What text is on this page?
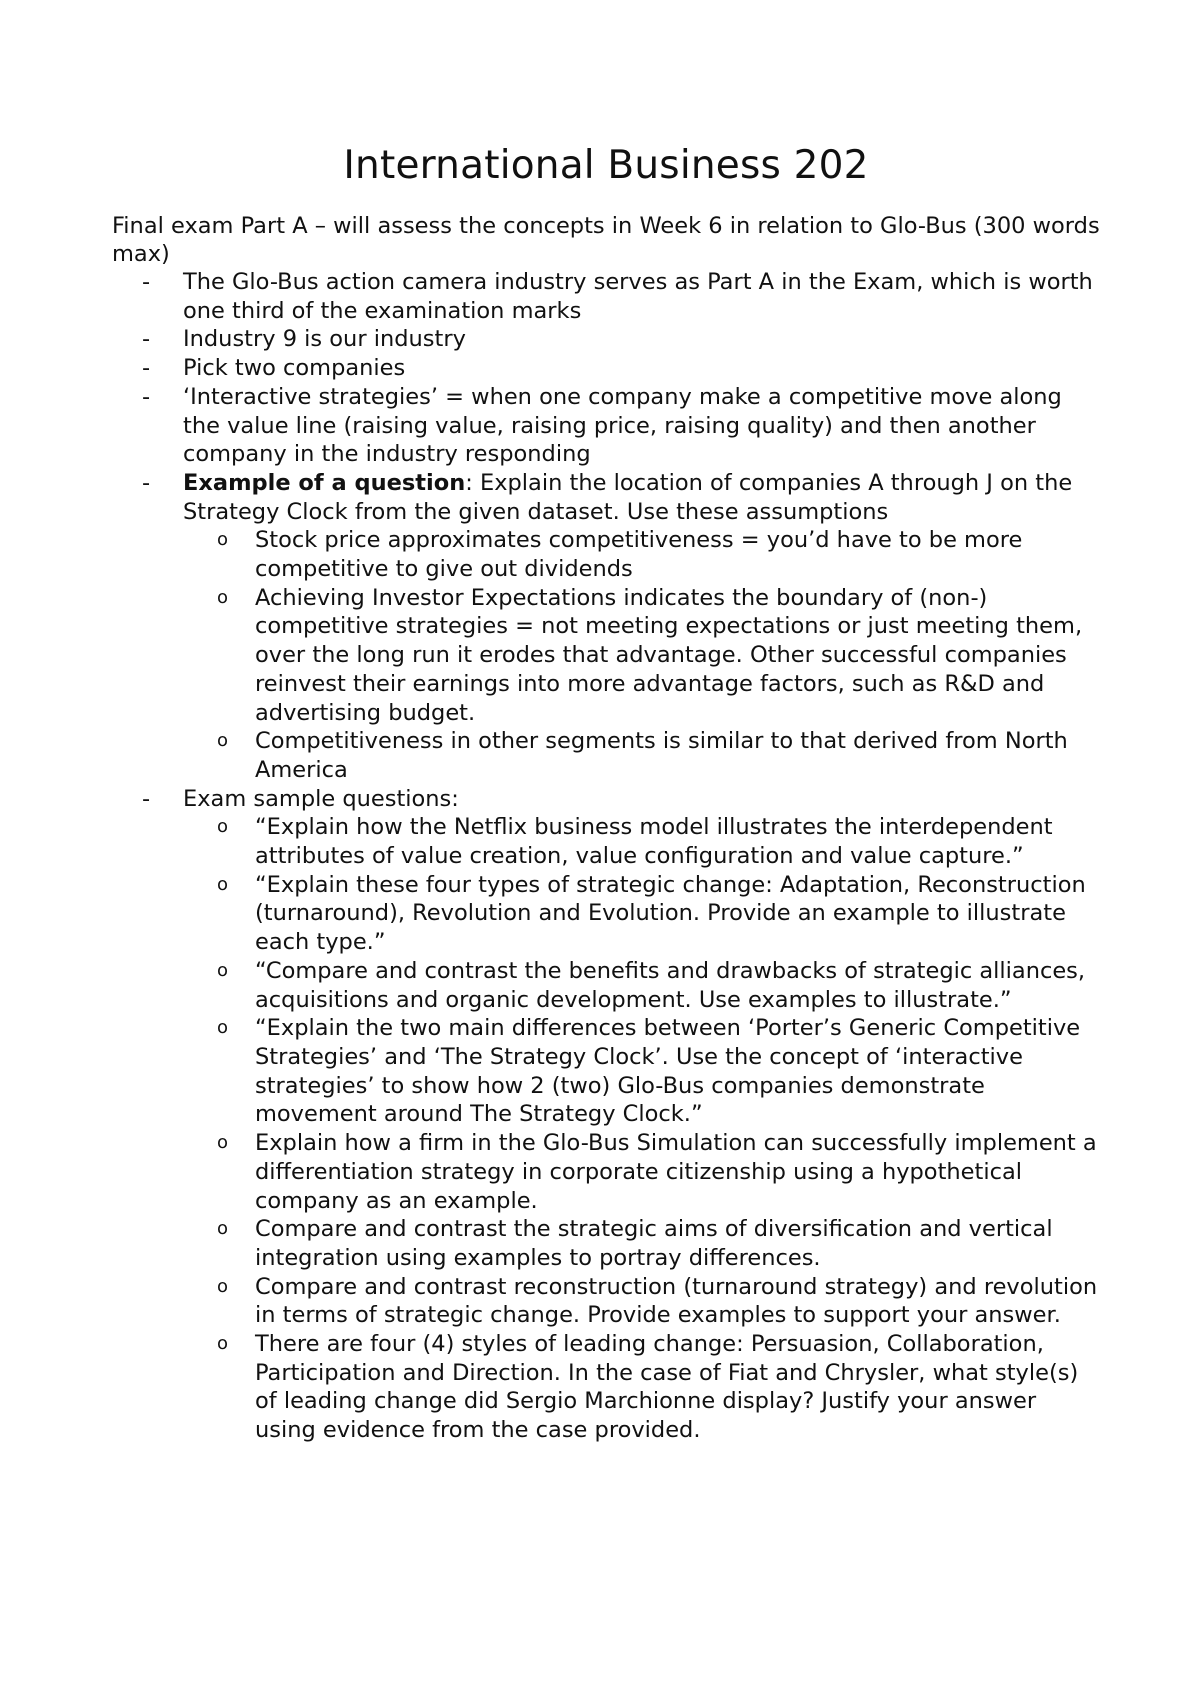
International Business 202

Final exam Part A – will assess the concepts in Week 6 in relation to Glo-Bus (300 words max)

- The Glo-Bus action camera industry serves as Part A in the Exam, which is worth one third of the examination marks
- Industry 9 is our industry
- Pick two companies
- ‘Interactive strategies’ = when one company make a competitive move along the value line (raising value, raising price, raising quality) and then another company in the industry responding
- Example of a question: Explain the location of companies A through J on the Strategy Clock from the given dataset. Use these assumptions
o Stock price approximates competitiveness = you’d have to be more competitive to give out dividends
o Achieving Investor Expectations indicates the boundary of (non-) competitive strategies = not meeting expectations or just meeting them, over the long run it erodes that advantage. Other successful companies reinvest their earnings into more advantage factors, such as R&D and advertising budget.
o Competitiveness in other segments is similar to that derived from North America
- Exam sample questions:
o “Explain how the Netflix business model illustrates the interdependent attributes of value creation, value configuration and value capture.”
o “Explain these four types of strategic change: Adaptation, Reconstruction (turnaround), Revolution and Evolution. Provide an example to illustrate each type.”
o “Compare and contrast the benefits and drawbacks of strategic alliances, acquisitions and organic development. Use examples to illustrate.”
o “Explain the two main differences between ‘Porter’s Generic Competitive Strategies’ and ‘The Strategy Clock’. Use the concept of ‘interactive strategies’ to show how 2 (two) Glo-Bus companies demonstrate movement around The Strategy Clock.”
o Explain how a firm in the Glo-Bus Simulation can successfully implement a differentiation strategy in corporate citizenship using a hypothetical company as an example.
o Compare and contrast the strategic aims of diversification and vertical integration using examples to portray differences.
o Compare and contrast reconstruction (turnaround strategy) and revolution in terms of strategic change. Provide examples to support your answer.
o There are four (4) styles of leading change: Persuasion, Collaboration, Participation and Direction. In the case of Fiat and Chrysler, what style(s) of leading change did Sergio Marchionne display? Justify your answer using evidence from the case provided.
